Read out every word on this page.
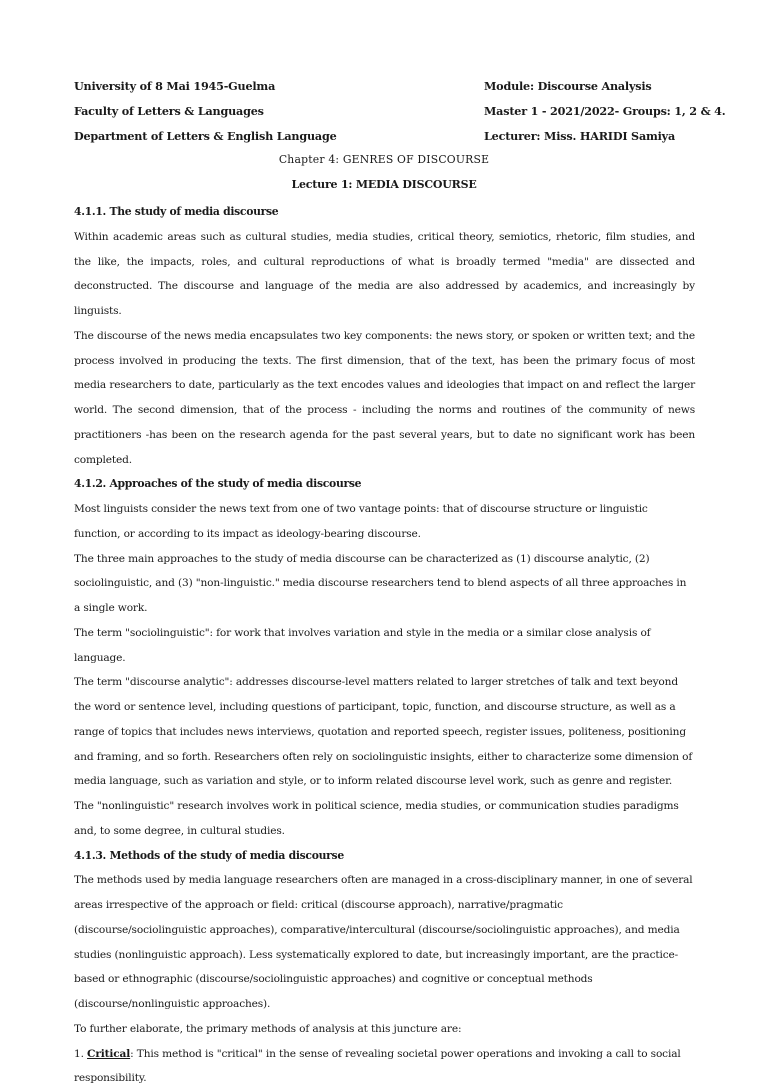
University of 8 Mai 1945-Guelma
Faculty of Letters & Languages
Department of Letters & English Language
Module: Discourse Analysis
Master 1 - 2021/2022- Groups: 1, 2 & 4.
Lecturer: Miss. HARIDI Samiya
Chapter 4: GENRES OF DISCOURSE
Lecture 1: MEDIA DISCOURSE

4.1.1. The study of media discourse

Within academic areas such as cultural studies, media studies, critical theory, semiotics, rhetoric, film studies, and the like, the impacts, roles, and cultural reproductions of what is broadly termed "media" are dissected and deconstructed. The discourse and language of the media are also addressed by academics, and increasingly by linguists.

The discourse of the news media encapsulates two key components: the news story, or spoken or written text; and the process involved in producing the texts. The first dimension, that of the text, has been the primary focus of most media researchers to date, particularly as the text encodes values and ideologies that impact on and reflect the larger world. The second dimension, that of the process - including the norms and routines of the community of news practitioners -has been on the research agenda for the past several years, but to date no significant work has been completed.

4.1.2. Approaches of the study of media discourse

Most linguists consider the news text from one of two vantage points: that of discourse structure or linguistic function, or according to its impact as ideology-bearing discourse.

The three main approaches to the study of media discourse can be characterized as (1) discourse analytic, (2) sociolinguistic, and (3) "non-linguistic." media discourse researchers tend to blend aspects of all three approaches in a single work.

The term "sociolinguistic": for work that involves variation and style in the media or a similar close analysis of language.

The term "discourse analytic": addresses discourse-level matters related to larger stretches of talk and text beyond the word or sentence level, including questions of participant, topic, function, and discourse structure, as well as a range of topics that includes news interviews, quotation and reported speech, register issues, politeness, positioning and framing, and so forth. Researchers often rely on sociolinguistic insights, either to characterize some dimension of media language, such as variation and style, or to inform related discourse level work, such as genre and register.

The "nonlinguistic" research involves work in political science, media studies, or communication studies paradigms and, to some degree, in cultural studies.

4.1.3. Methods of the study of media discourse

The methods used by media language researchers often are managed in a cross-disciplinary manner, in one of several areas irrespective of the approach or field: critical (discourse approach), narrative/pragmatic (discourse/sociolinguistic approaches), comparative/intercultural (discourse/sociolinguistic approaches), and media studies (nonlinguistic approach). Less systematically explored to date, but increasingly important, are the practice-based or ethnographic (discourse/sociolinguistic approaches) and cognitive or conceptual methods (discourse/nonlinguistic approaches).

To further elaborate, the primary methods of analysis at this juncture are:

1. Critical: This method is "critical" in the sense of revealing societal power operations and invoking a call to social responsibility.
